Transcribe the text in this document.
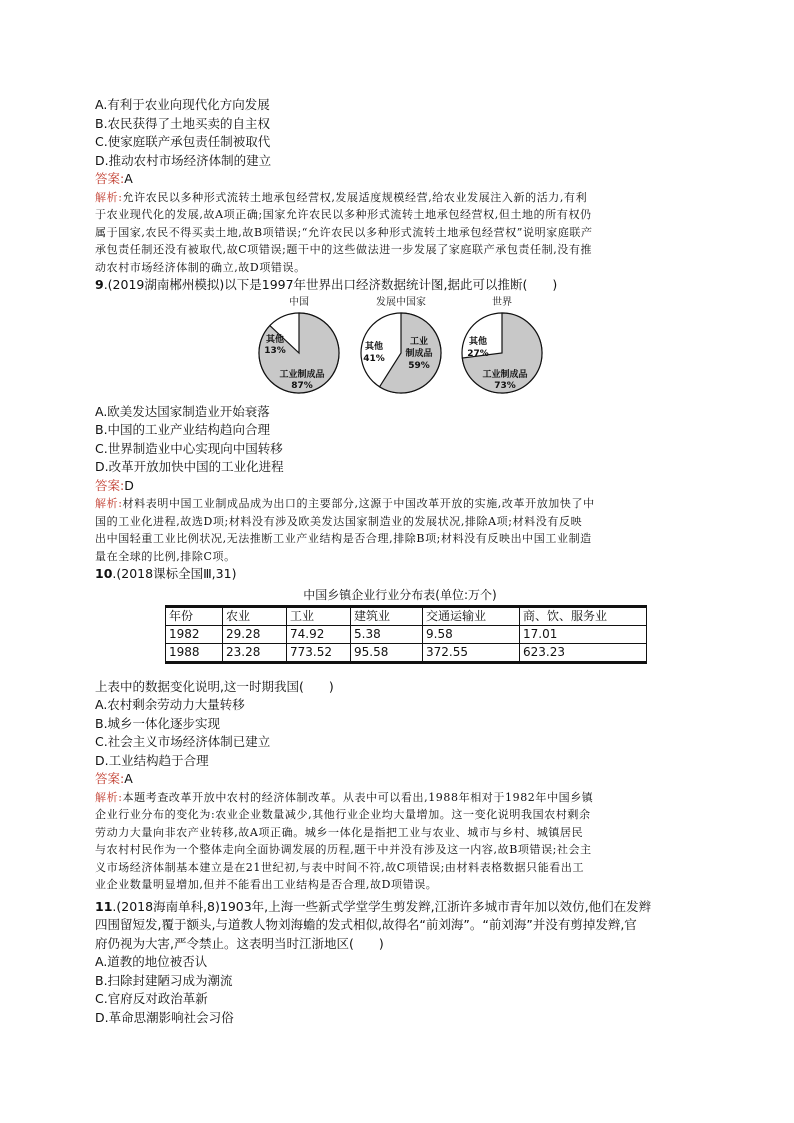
A.有利于农业向现代化方向发展
B.农民获得了土地买卖的自主权
C.使家庭联产承包责任制被取代
D.推动农村市场经济体制的建立
答案:A
解析:允许农民以多种形式流转土地承包经营权,发展适度规模经营,给农业发展注入新的活力,有利
于农业现代化的发展,故A项正确;国家允许农民以多种形式流转土地承包经营权,但土地的所有权仍
属于国家,农民不得买卖土地,故B项错误;“允许农民以多种形式流转土地承包经营权”说明家庭联产
承包责任制还没有被取代,故C项错误;题干中的这些做法进一步发展了家庭联产承包责任制,没有推
动农村市场经济体制的确立,故D项错误。
9.(2019湖南郴州模拟)以下是1997年世界出口经济数据统计图,据此可以推断(　　)
中国
其他
13%
工业制成品
87%
发展中国家
其他
41%
工业
制成品
59%
世界
其他
27%
工业制成品
73%
A.欧美发达国家制造业开始衰落
B.中国的工业产业结构趋向合理
C.世界制造业中心实现向中国转移
D.改革开放加快中国的工业化进程
答案:D
解析:材料表明中国工业制成品成为出口的主要部分,这源于中国改革开放的实施,改革开放加快了中
国的工业化进程,故选D项;材料没有涉及欧美发达国家制造业的发展状况,排除A项;材料没有反映
出中国轻重工业比例状况,无法推断工业产业结构是否合理,排除B项;材料没有反映出中国工业制造
量在全球的比例,排除C项。
10.(2018课标全国Ⅲ,31)
中国乡镇企业行业分布表(单位:万个)
年份	农业	工业	建筑业	交通运输业	商、饮、服务业
1982	29.28	74.92	5.38	9.58	17.01
1988	23.28	773.52	95.58	372.55	623.23
上表中的数据变化说明,这一时期我国(　　)
A.农村剩余劳动力大量转移
B.城乡一体化逐步实现
C.社会主义市场经济体制已建立
D.工业结构趋于合理
答案:A
解析:本题考查改革开放中农村的经济体制改革。从表中可以看出,1988年相对于1982年中国乡镇
企业行业分布的变化为:农业企业数量减少,其他行业企业均大量增加。这一变化说明我国农村剩余
劳动力大量向非农产业转移,故A项正确。城乡一体化是指把工业与农业、城市与乡村、城镇居民
与农村村民作为一个整体走向全面协调发展的历程,题干中并没有涉及这一内容,故B项错误;社会主
义市场经济体制基本建立是在21世纪初,与表中时间不符,故C项错误;由材料表格数据只能看出工
业企业数量明显增加,但并不能看出工业结构是否合理,故D项错误。
11.(2018海南单科,8)1903年,上海一些新式学堂学生剪发辫,江浙许多城市青年加以效仿,他们在发辫
四围留短发,覆于额头,与道教人物刘海蟾的发式相似,故得名“前刘海”。“前刘海”并没有剪掉发辫,官
府仍视为大害,严令禁止。这表明当时江浙地区(　　)
A.道教的地位被否认
B.扫除封建陋习成为潮流
C.官府反对政治革新
D.革命思潮影响社会习俗
